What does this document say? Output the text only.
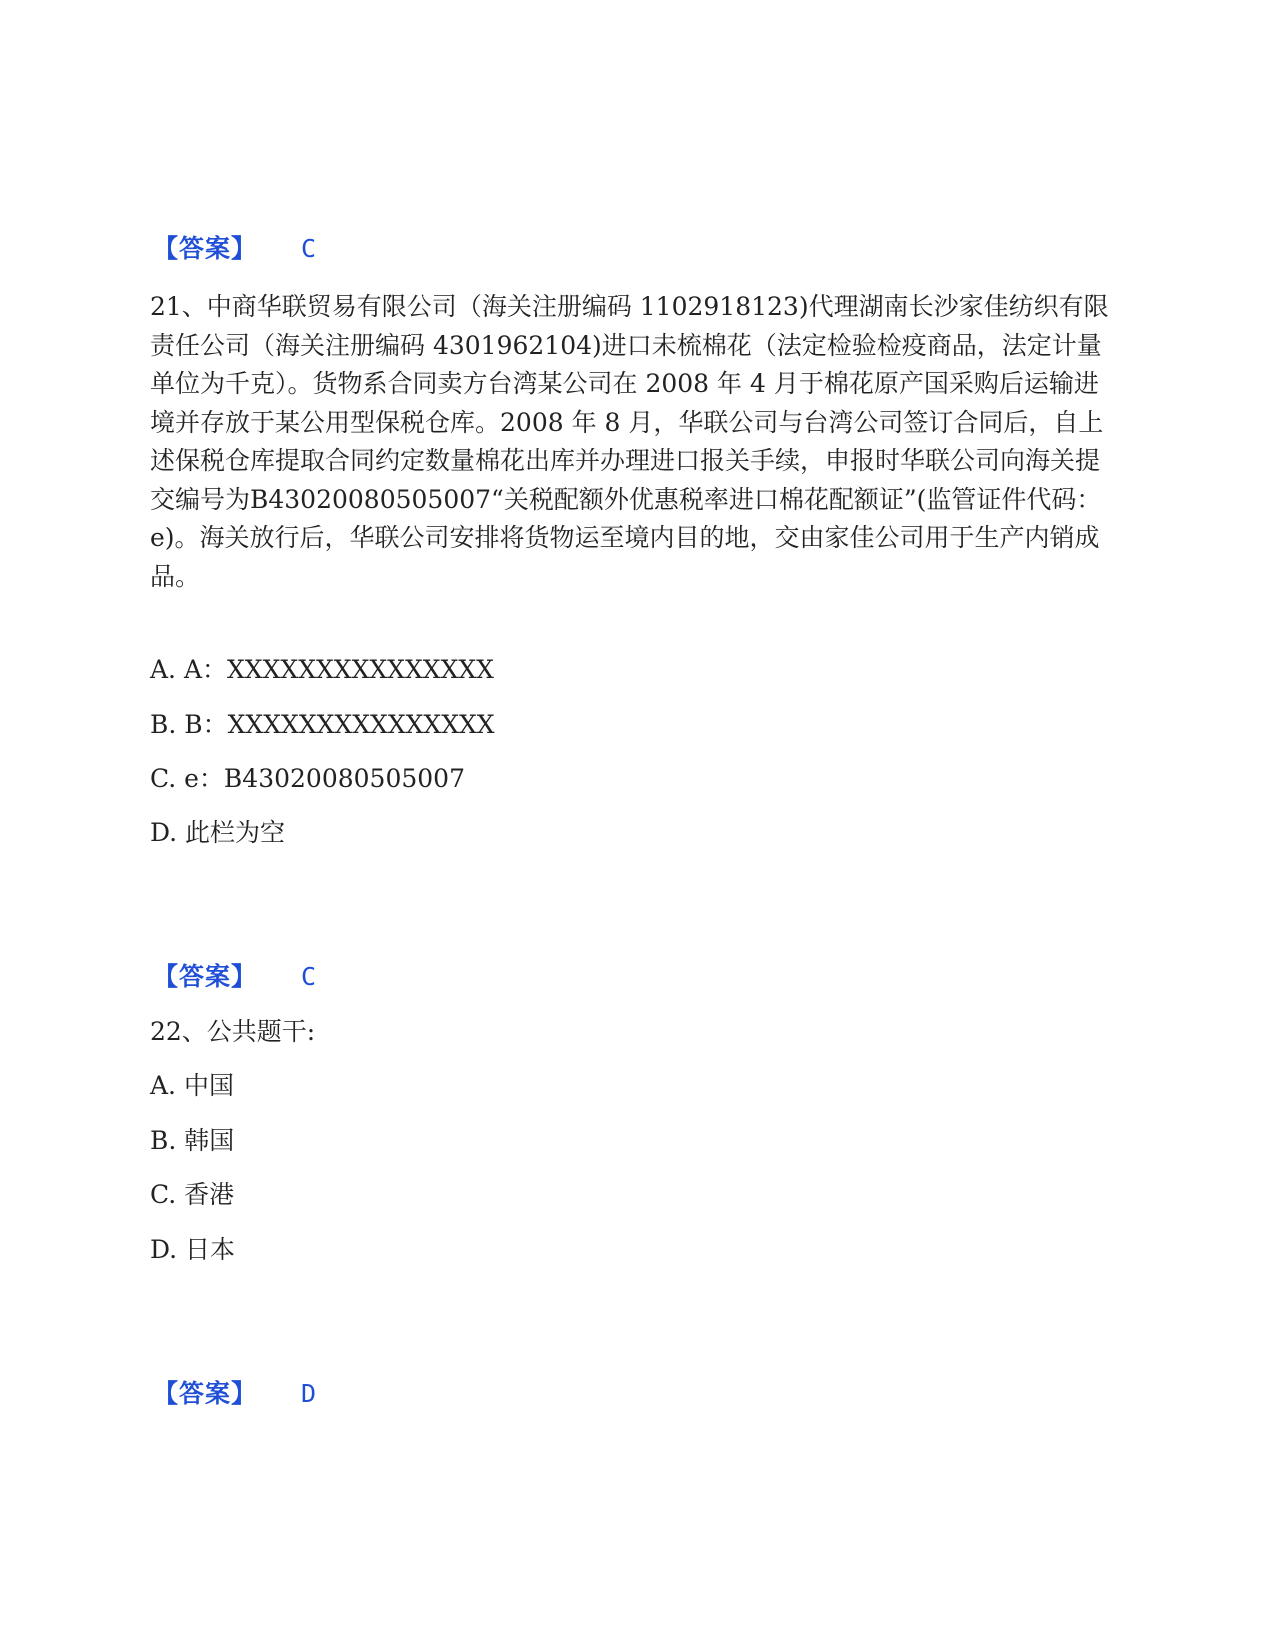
【答案】 C
21、中商华联贸易有限公司（海关注册编码 1102918123)代理湖南长沙家佳纺织有限责任公司（海关注册编码 4301962104)进口未梳棉花（法定检验检疫商品，法定计量单位为千克）。货物系合同卖方台湾某公司在 2008 年 4 月于棉花原产国采购后运输进境并存放于某公用型保税仓库。2008 年 8 月，华联公司与台湾公司签订合同后，自上述保税仓库提取合同约定数量棉花出库并办理进口报关手续，申报时华联公司向海关提交编号为B43020080505007“关税配额外优惠税率进口棉花配额证”(监管证件代码：e)。海关放行后，华联公司安排将货物运至境内目的地，交由家佳公司用于生产内销成品。
A. A：XXXXXXXXXXXXXXX
B. B：XXXXXXXXXXXXXXX
C. e：B43020080505007
D. 此栏为空
【答案】 C
22、公共题干:
A. 中国
B. 韩国
C. 香港
D. 日本
【答案】 D
